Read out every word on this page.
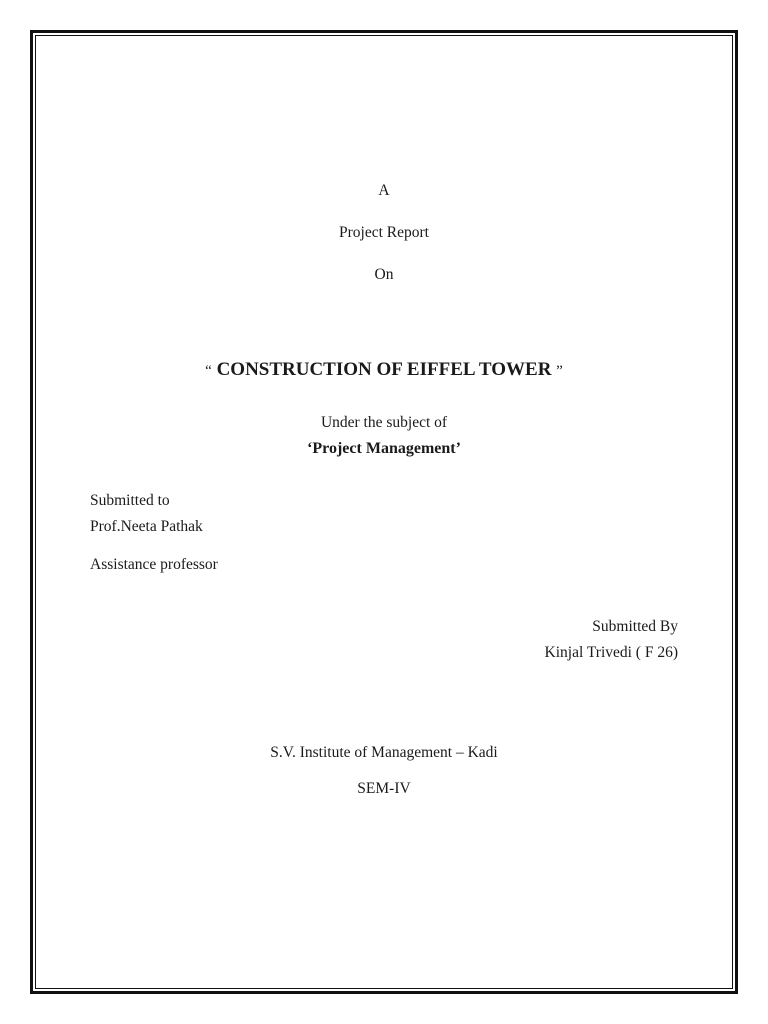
A
Project Report
On
“ CONSTRUCTION OF EIFFEL TOWER ”
Under the subject of
‘Project Management’
Submitted to
Prof.Neeta Pathak
Assistance professor
Submitted By
Kinjal Trivedi ( F 26)
S.V. Institute of Management – Kadi
SEM-IV
